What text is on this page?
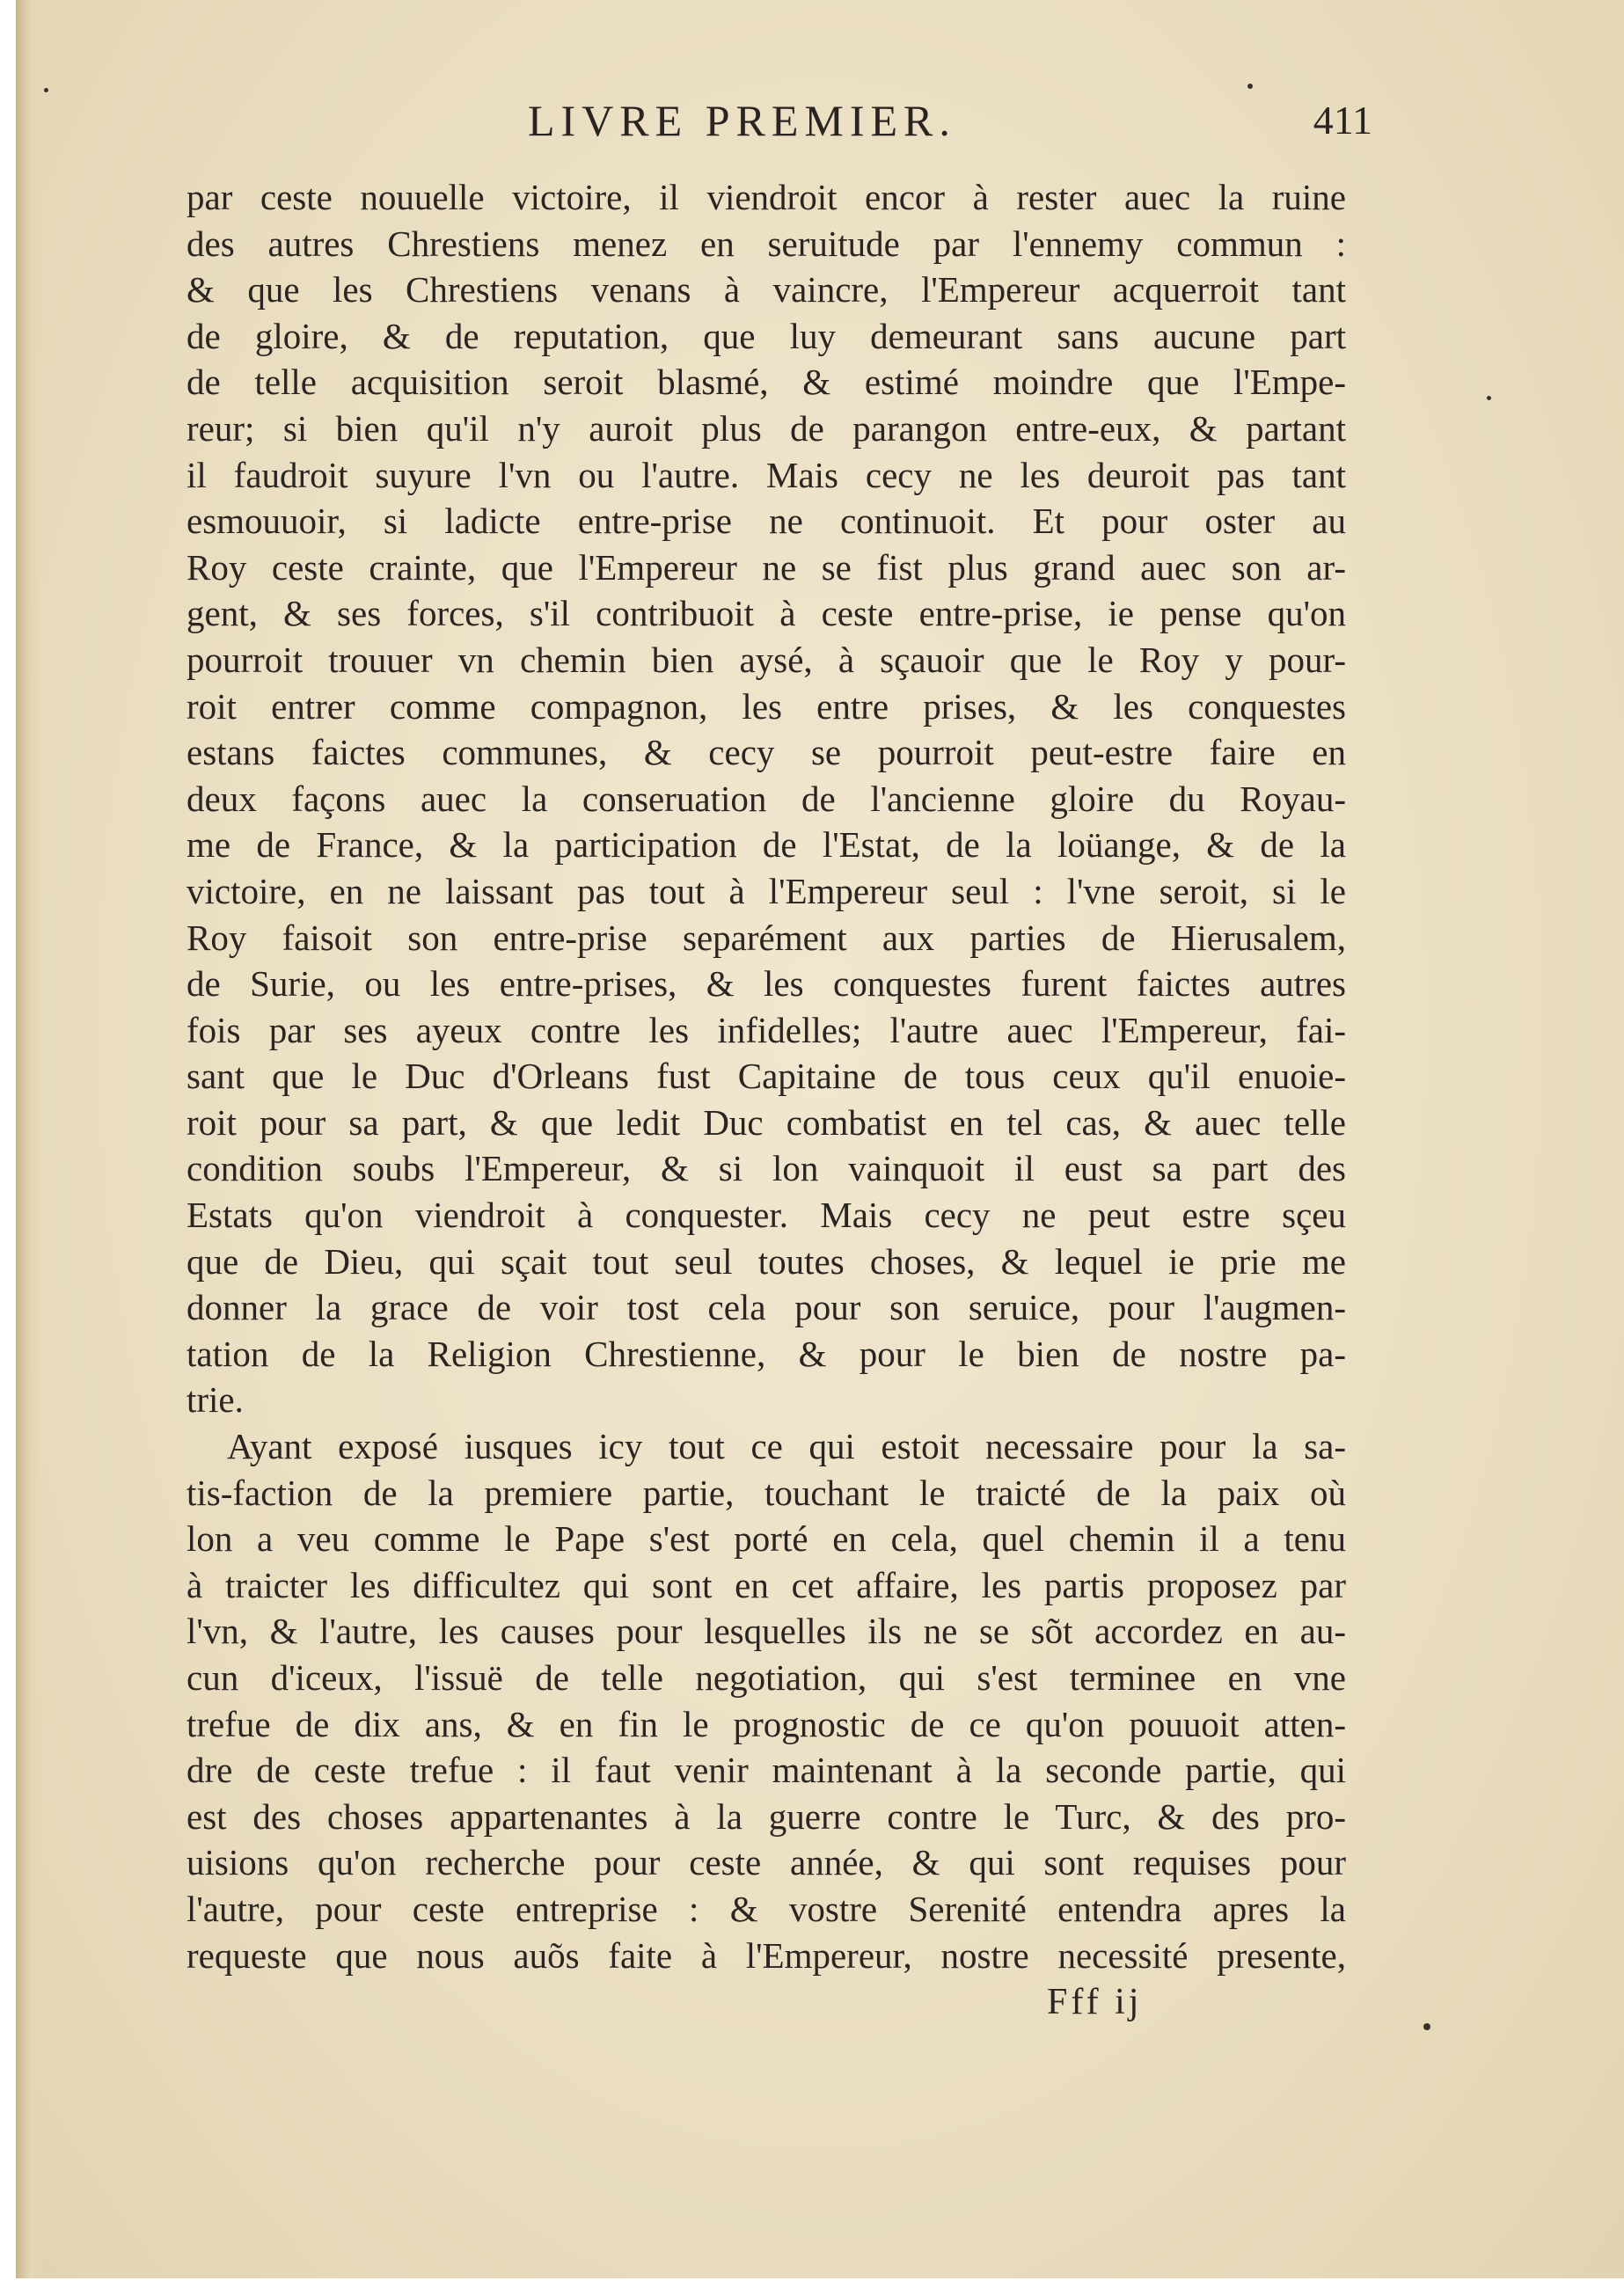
LIVRE PREMIER.	411
par ceste nouuelle victoire, il viendroit encor à rester auec la ruine
des autres Chrestiens menez en seruitude par l'ennemy commun :
& que les Chrestiens venans à vaincre, l'Empereur acquerroit tant
de gloire, & de reputation, que luy demeurant sans aucune part
de telle acquisition seroit blasmé, & estimé moindre que l'Empe-
reur; si bien qu'il n'y auroit plus de parangon entre-eux, & partant
il faudroit suyure l'vn ou l'autre. Mais cecy ne les deuroit pas tant
esmouuoir, si ladicte entre-prise ne continuoit. Et pour oster au
Roy ceste crainte, que l'Empereur ne se fist plus grand auec son ar-
gent, & ses forces, s'il contribuoit à ceste entre-prise, ie pense qu'on
pourroit trouuer vn chemin bien aysé, à sçauoir que le Roy y pour-
roit entrer comme compagnon, les entre prises, & les conquestes
estans faictes communes, & cecy se pourroit peut-estre faire en
deux façons auec la conseruation de l'ancienne gloire du Royau-
me de France, & la participation de l'Estat, de la loüange, & de la
victoire, en ne laissant pas tout à l'Empereur seul : l'vne seroit, si le
Roy faisoit son entre-prise separément aux parties de Hierusalem,
de Surie, ou les entre-prises, & les conquestes furent faictes autres
fois par ses ayeux contre les infidelles; l'autre auec l'Empereur, fai-
sant que le Duc d'Orleans fust Capitaine de tous ceux qu'il enuoie-
roit pour sa part, & que ledit Duc combatist en tel cas, & auec telle
condition soubs l'Empereur, & si lon vainquoit il eust sa part des
Estats qu'on viendroit à conquester. Mais cecy ne peut estre sçeu
que de Dieu, qui sçait tout seul toutes choses, & lequel ie prie me
donner la grace de voir tost cela pour son seruice, pour l'augmen-
tation de la Religion Chrestienne, & pour le bien de nostre pa-
trie.
Ayant exposé iusques icy tout ce qui estoit necessaire pour la sa-
tis-faction de la premiere partie, touchant le traicté de la paix où
lon a veu comme le Pape s'est porté en cela, quel chemin il a tenu
à traicter les difficultez qui sont en cet affaire, les partis proposez par
l'vn, & l'autre, les causes pour lesquelles ils ne se sõt accordez en au-
cun d'iceux, l'issuë de telle negotiation, qui s'est terminee en vne
trefue de dix ans, & en fin le prognostic de ce qu'on pouuoit atten-
dre de ceste trefue : il faut venir maintenant à la seconde partie, qui
est des choses appartenantes à la guerre contre le Turc, & des pro-
uisions qu'on recherche pour ceste année, & qui sont requises pour
l'autre, pour ceste entreprise : & vostre Serenité entendra apres la
requeste que nous auõs faite à l'Empereur, nostre necessité presente,
Fff ij
